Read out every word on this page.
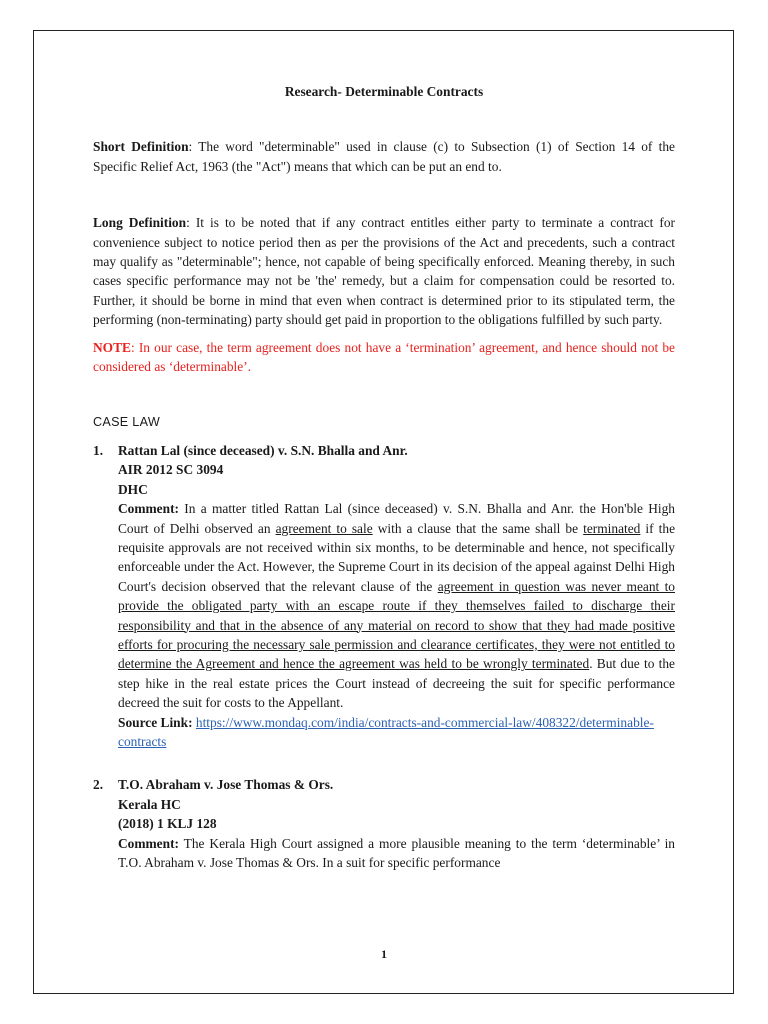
Research- Determinable Contracts

Short Definition: The word "determinable" used in clause (c) to Subsection (1) of Section 14 of the Specific Relief Act, 1963 (the "Act") means that which can be put an end to.

Long Definition: It is to be noted that if any contract entitles either party to terminate a contract for convenience subject to notice period then as per the provisions of the Act and precedents, such a contract may qualify as "determinable"; hence, not capable of being specifically enforced. Meaning thereby, in such cases specific performance may not be 'the' remedy, but a claim for compensation could be resorted to. Further, it should be borne in mind that even when contract is determined prior to its stipulated term, the performing (non-terminating) party should get paid in proportion to the obligations fulfilled by such party.

NOTE: In our case, the term agreement does not have a ‘termination’ agreement, and hence should not be considered as ‘determinable’.

CASE LAW
1. Rattan Lal (since deceased) v. S.N. Bhalla and Anr.
AIR 2012 SC 3094
DHC

Comment: In a matter titled Rattan Lal (since deceased) v. S.N. Bhalla and Anr. the Hon'ble High Court of Delhi observed an agreement to sale with a clause that the same shall be terminated if the requisite approvals are not received within six months, to be determinable and hence, not specifically enforceable under the Act. However, the Supreme Court in its decision of the appeal against Delhi High Court's decision observed that the relevant clause of the agreement in question was never meant to provide the obligated party with an escape route if they themselves failed to discharge their responsibility and that in the absence of any material on record to show that they had made positive efforts for procuring the necessary sale permission and clearance certificates, they were not entitled to determine the Agreement and hence the agreement was held to be wrongly terminated. But due to the step hike in the real estate prices the Court instead of decreeing the suit for specific performance decreed the suit for costs to the Appellant.

Source Link: https://www.mondaq.com/india/contracts-and-commercial-law/408322/determinable-contracts
2. T.O. Abraham v. Jose Thomas & Ors.
Kerala HC
(2018) 1 KLJ 128

Comment: The Kerala High Court assigned a more plausible meaning to the term ‘determinable’ in T.O. Abraham v. Jose Thomas & Ors. In a suit for specific performance

1
